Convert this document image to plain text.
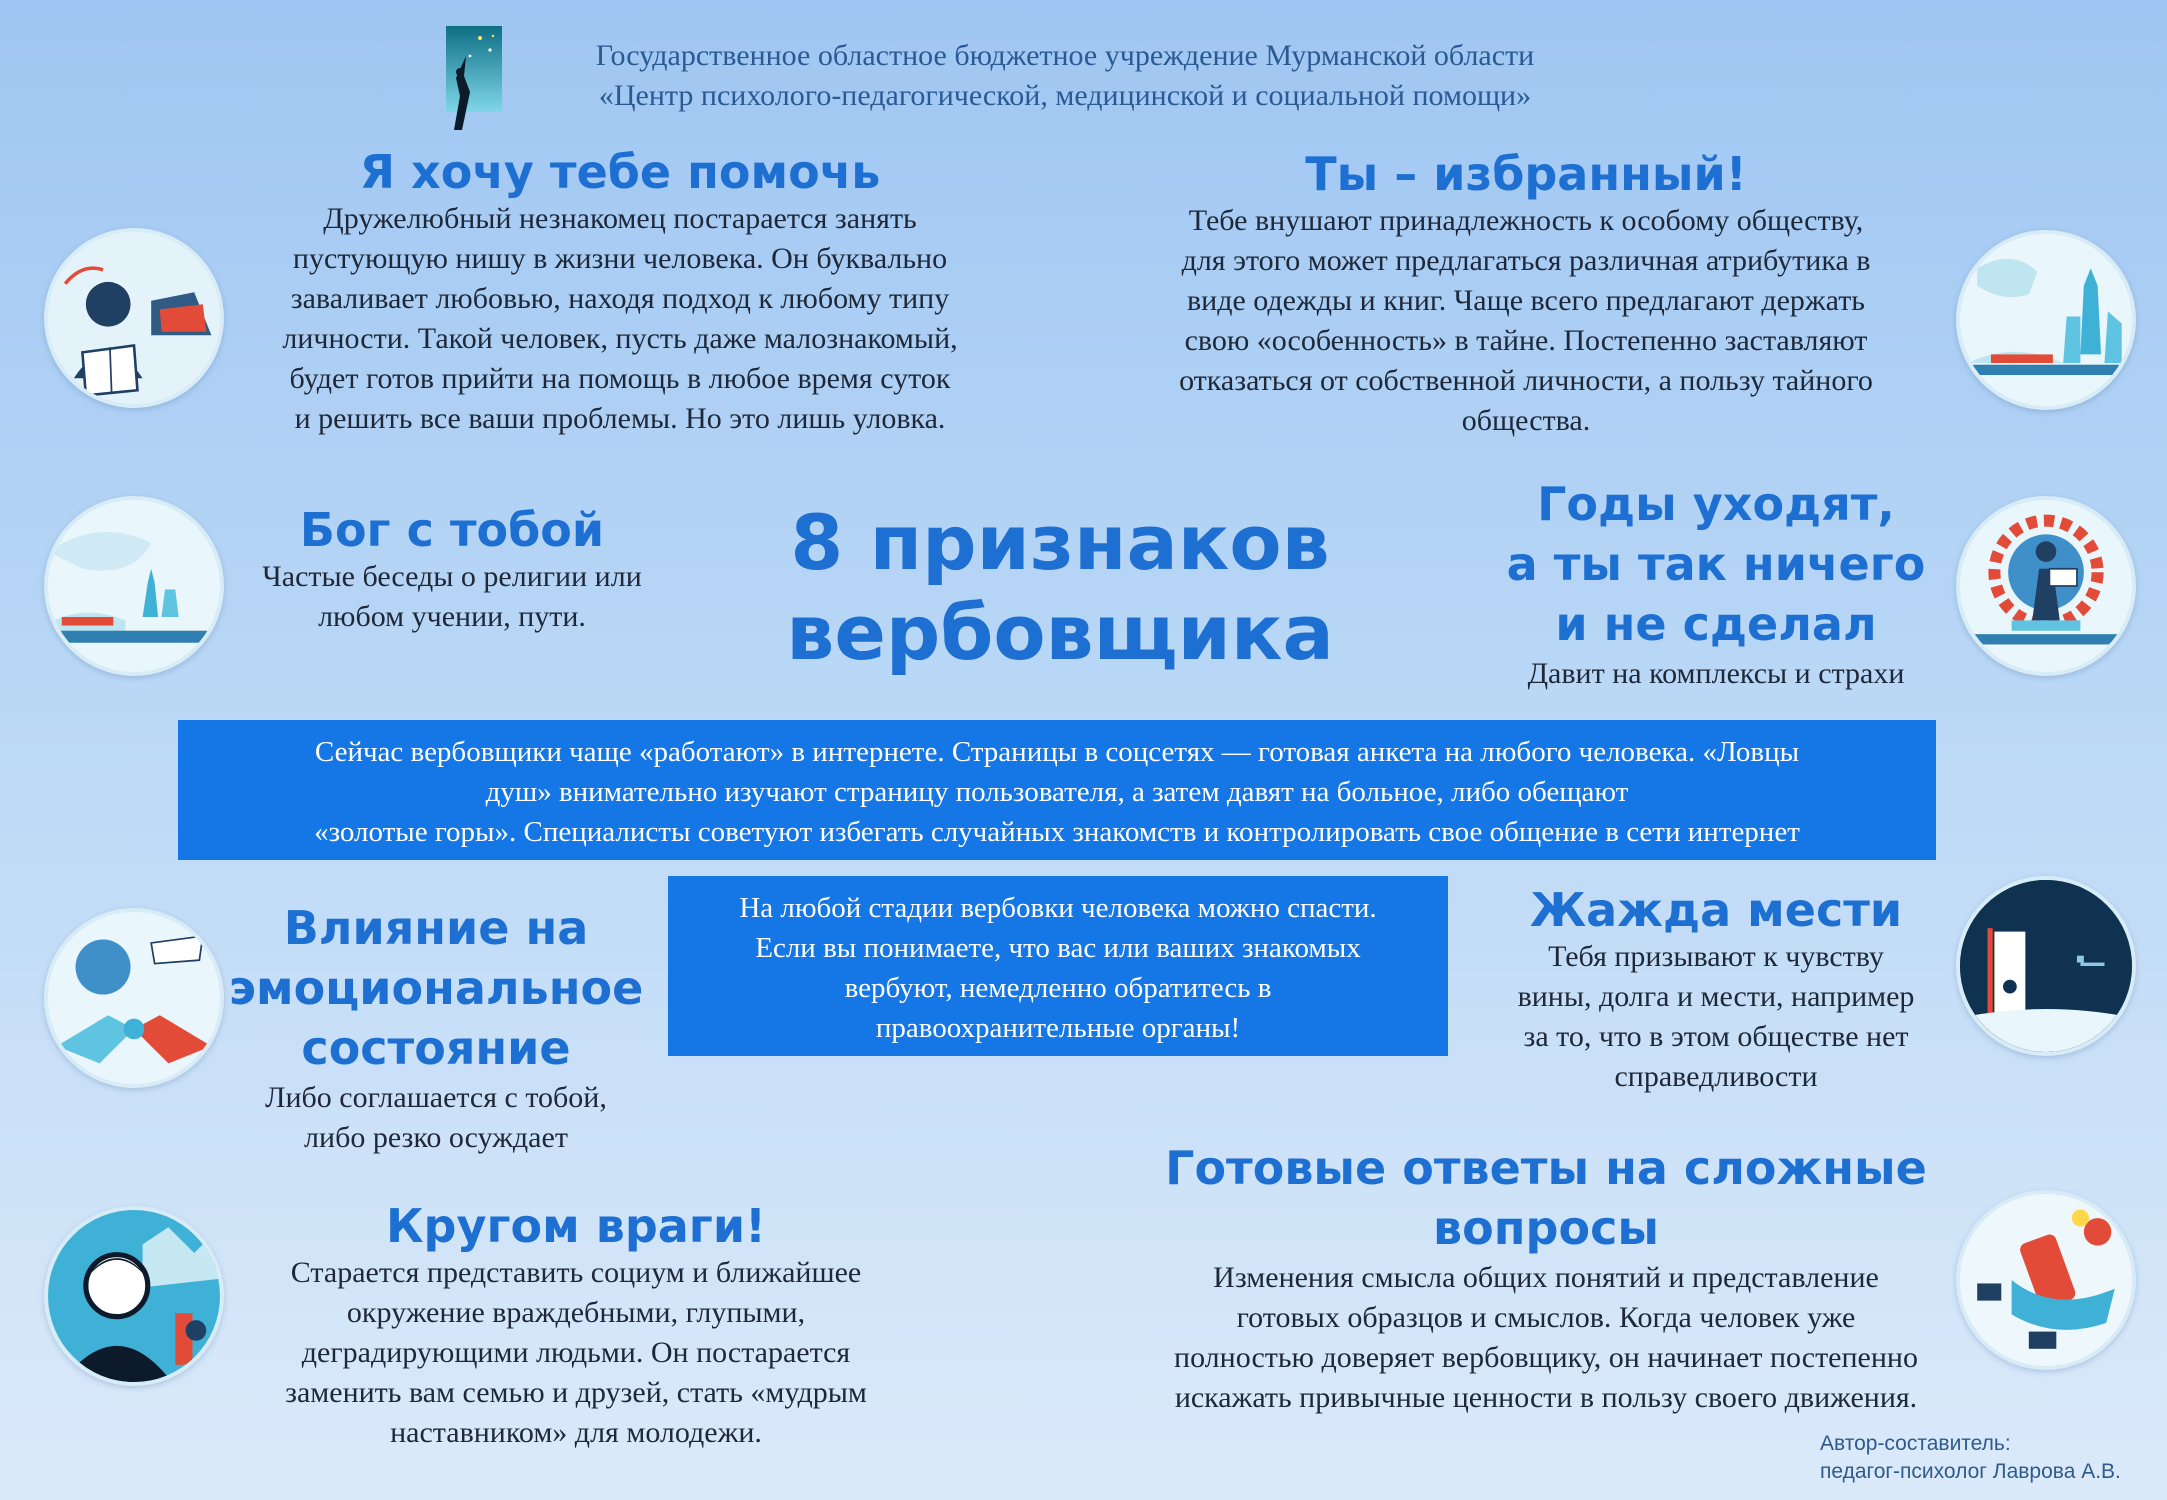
Государственное областное бюджетное учреждение Мурманской области
«Центр психолого-педагогической, медицинской и социальной помощи»
Я хочу тебе помочь
Дружелюбный незнакомец постарается занять
пустующую нишу в жизни человека. Он буквально
заваливает любовью, находя подход к любому типу
личности. Такой человек, пусть даже малознакомый,
будет готов прийти на помощь в любое время суток
и решить все ваши проблемы. Но это лишь уловка.
Ты – избранный!
Тебе внушают принадлежность к особому обществу,
для этого может предлагаться различная атрибутика в
виде одежды и книг. Чаще всего предлагают держать
свою «особенность» в тайне. Постепенно заставляют
отказаться от собственной личности, а пользу тайного
общества.
Бог с тобой
Частые беседы о религии или
любом учении, пути.
8 признаков
вербовщика
Годы уходят,
а ты так ничего
и не сделал
Давит на комплексы и страхи
Сейчас вербовщики чаще «работают» в интернете. Страницы в соцсетях — готовая анкета на любого человека. «Ловцы
душ» внимательно изучают страницу пользователя, а затем давят на больное, либо обещают
«золотые горы». Специалисты советуют избегать случайных знакомств и контролировать свое общение в сети интернет
Влияние на
эмоциональное
состояние
Либо соглашается с тобой,
либо резко осуждает
На любой стадии вербовки человека можно спасти.
Если вы понимаете, что вас или ваших знакомых
вербуют, немедленно обратитесь в
правоохранительные органы!
Жажда мести
Тебя призывают к чувству
вины, долга и мести, например
за то, что в этом обществе нет
справедливости
Кругом враги!
Старается представить социум и ближайшее
окружение враждебными, глупыми,
деградирующими людьми. Он постарается
заменить вам семью и друзей, стать «мудрым
наставником» для молодежи.
Готовые ответы на сложные
вопросы
Изменения смысла общих понятий и представление
готовых образцов и смыслов. Когда человек уже
полностью доверяет вербовщику, он начинает постепенно
искажать привычные ценности в пользу своего движения.
Автор-составитель:
педагог-психолог Лаврова А.В.
